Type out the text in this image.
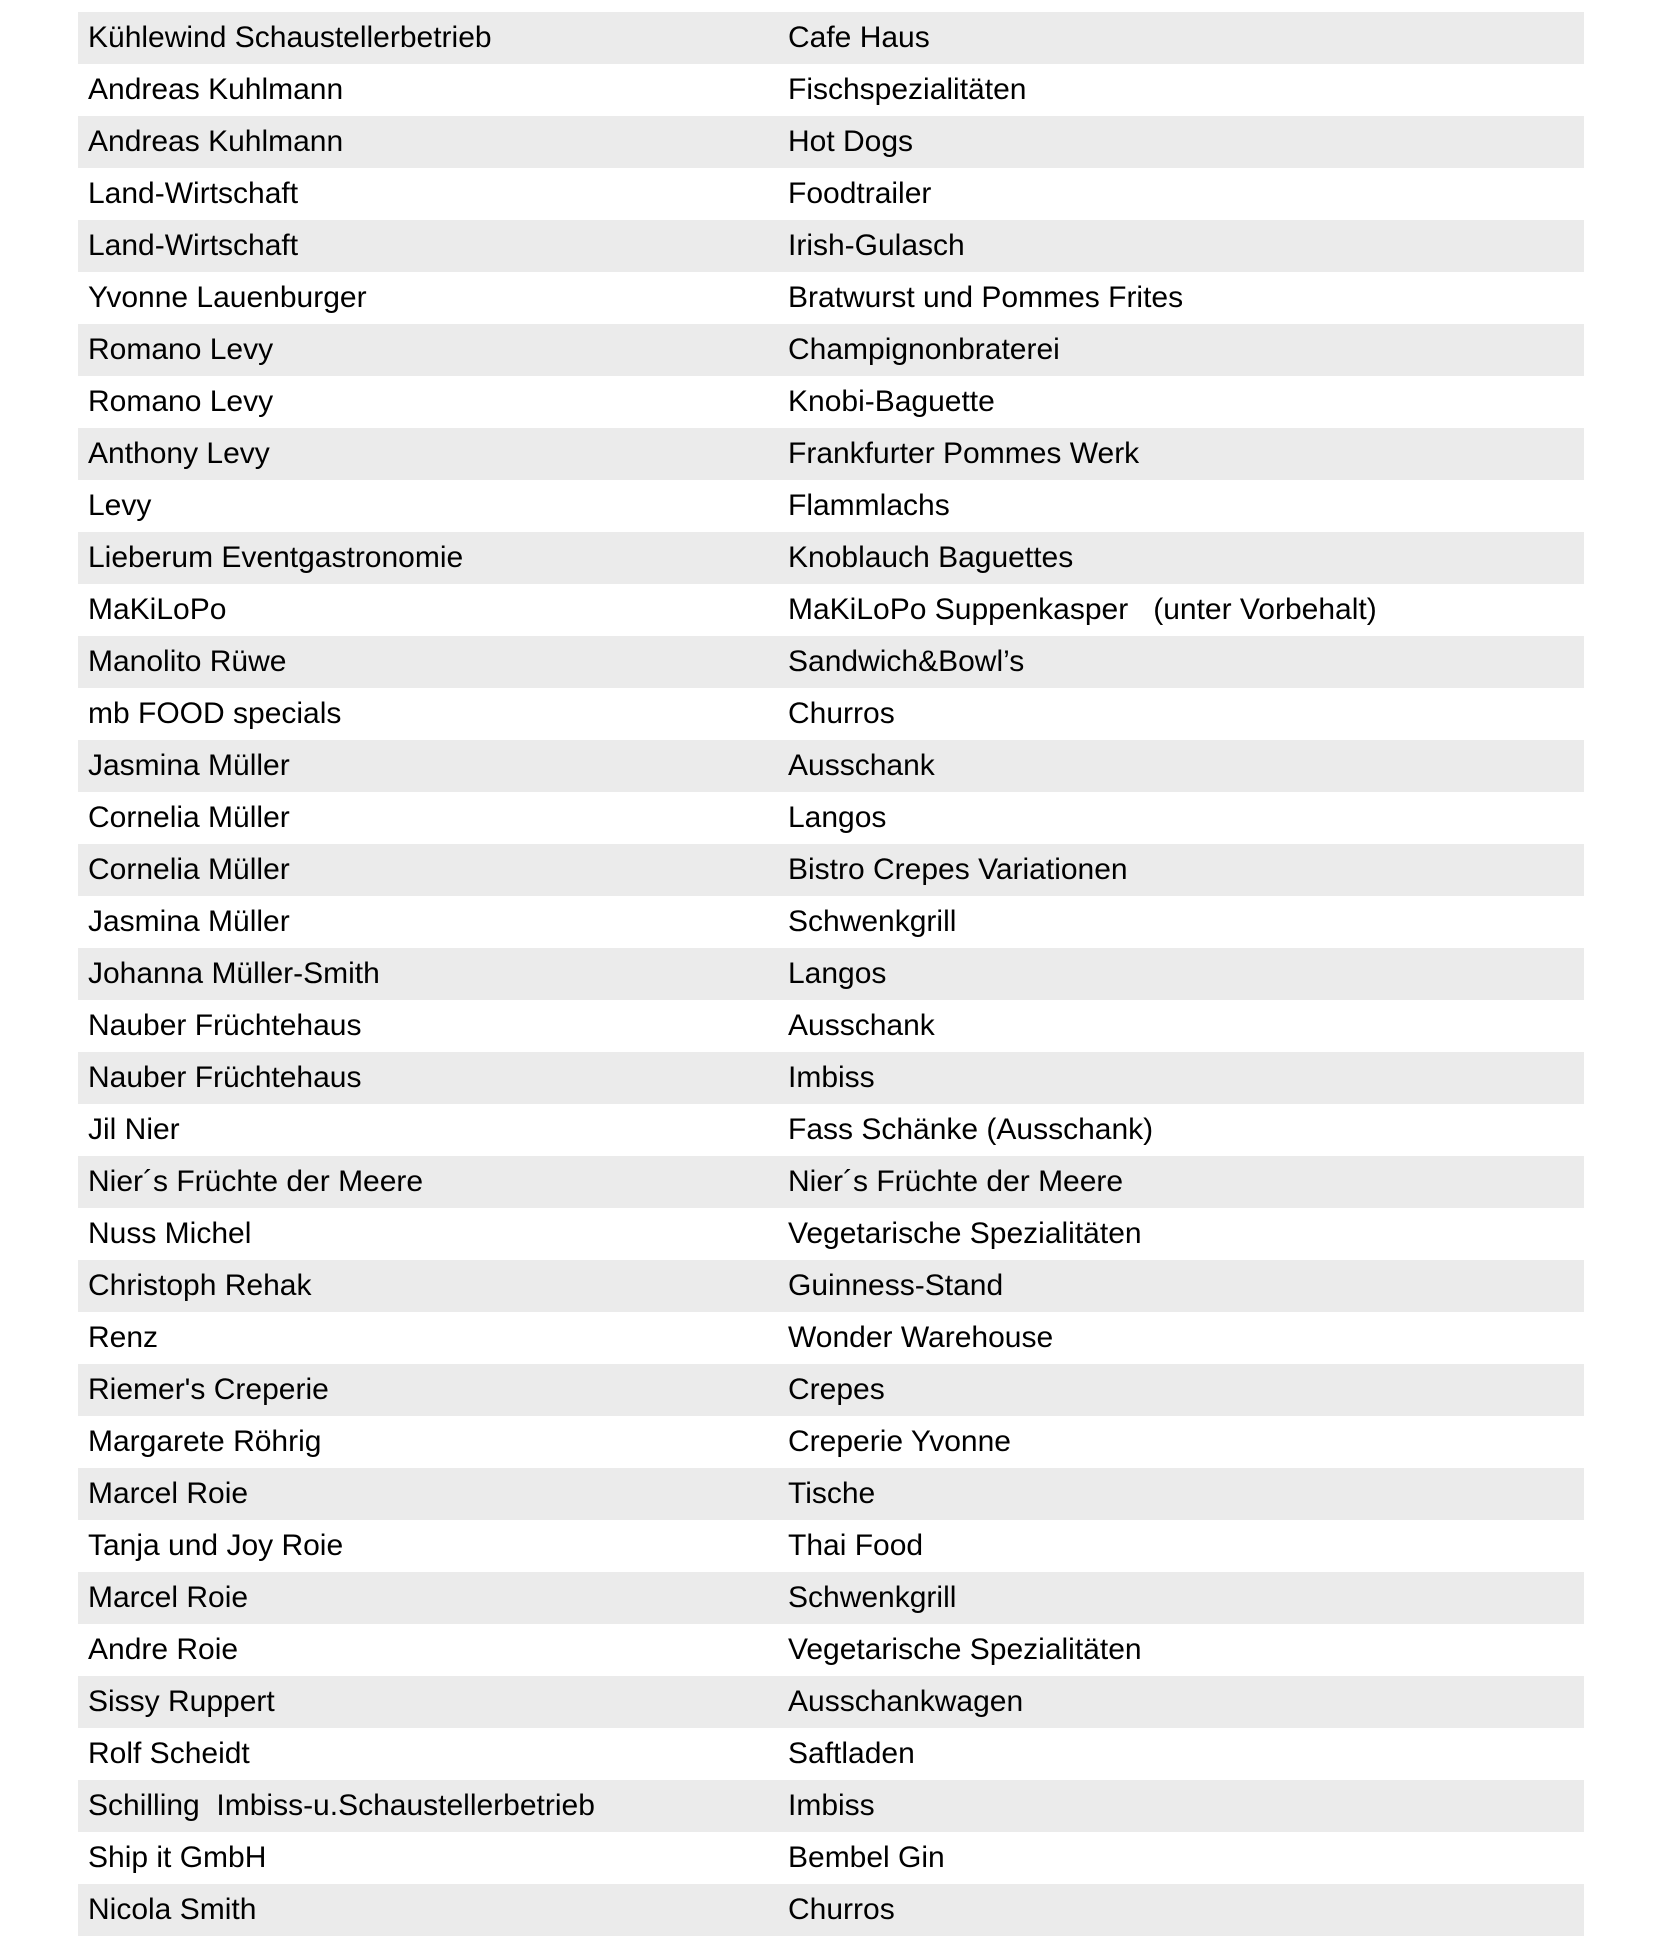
Kühlewind Schaustellerbetrieb	Cafe Haus
Andreas Kuhlmann	Fischspezialitäten
Andreas Kuhlmann	Hot Dogs
Land-Wirtschaft	Foodtrailer
Land-Wirtschaft	Irish-Gulasch
Yvonne Lauenburger	Bratwurst und Pommes Frites
Romano Levy	Champignonbraterei
Romano Levy	Knobi-Baguette
Anthony Levy	Frankfurter Pommes Werk
Levy	Flammlachs
Lieberum Eventgastronomie	Knoblauch Baguettes
MaKiLoPo	MaKiLoPo Suppenkasper   (unter Vorbehalt)
Manolito Rüwe	Sandwich&Bowl’s
mb FOOD specials	Churros
Jasmina Müller	Ausschank
Cornelia Müller	Langos
Cornelia Müller	Bistro Crepes Variationen
Jasmina Müller	Schwenkgrill
Johanna Müller-Smith	Langos
Nauber Früchtehaus	Ausschank
Nauber Früchtehaus	Imbiss
Jil Nier	Fass Schänke (Ausschank)
Nier´s Früchte der Meere	Nier´s Früchte der Meere
Nuss Michel	Vegetarische Spezialitäten
Christoph Rehak	Guinness-Stand
Renz	Wonder Warehouse
Riemer's Creperie	Crepes
Margarete Röhrig	Creperie Yvonne
Marcel Roie	Tische
Tanja und Joy Roie	Thai Food
Marcel Roie	Schwenkgrill
Andre Roie	Vegetarische Spezialitäten
Sissy Ruppert	Ausschankwagen
Rolf Scheidt	Saftladen
Schilling  Imbiss-u.Schaustellerbetrieb	Imbiss
Ship it GmbH	Bembel Gin
Nicola Smith	Churros
